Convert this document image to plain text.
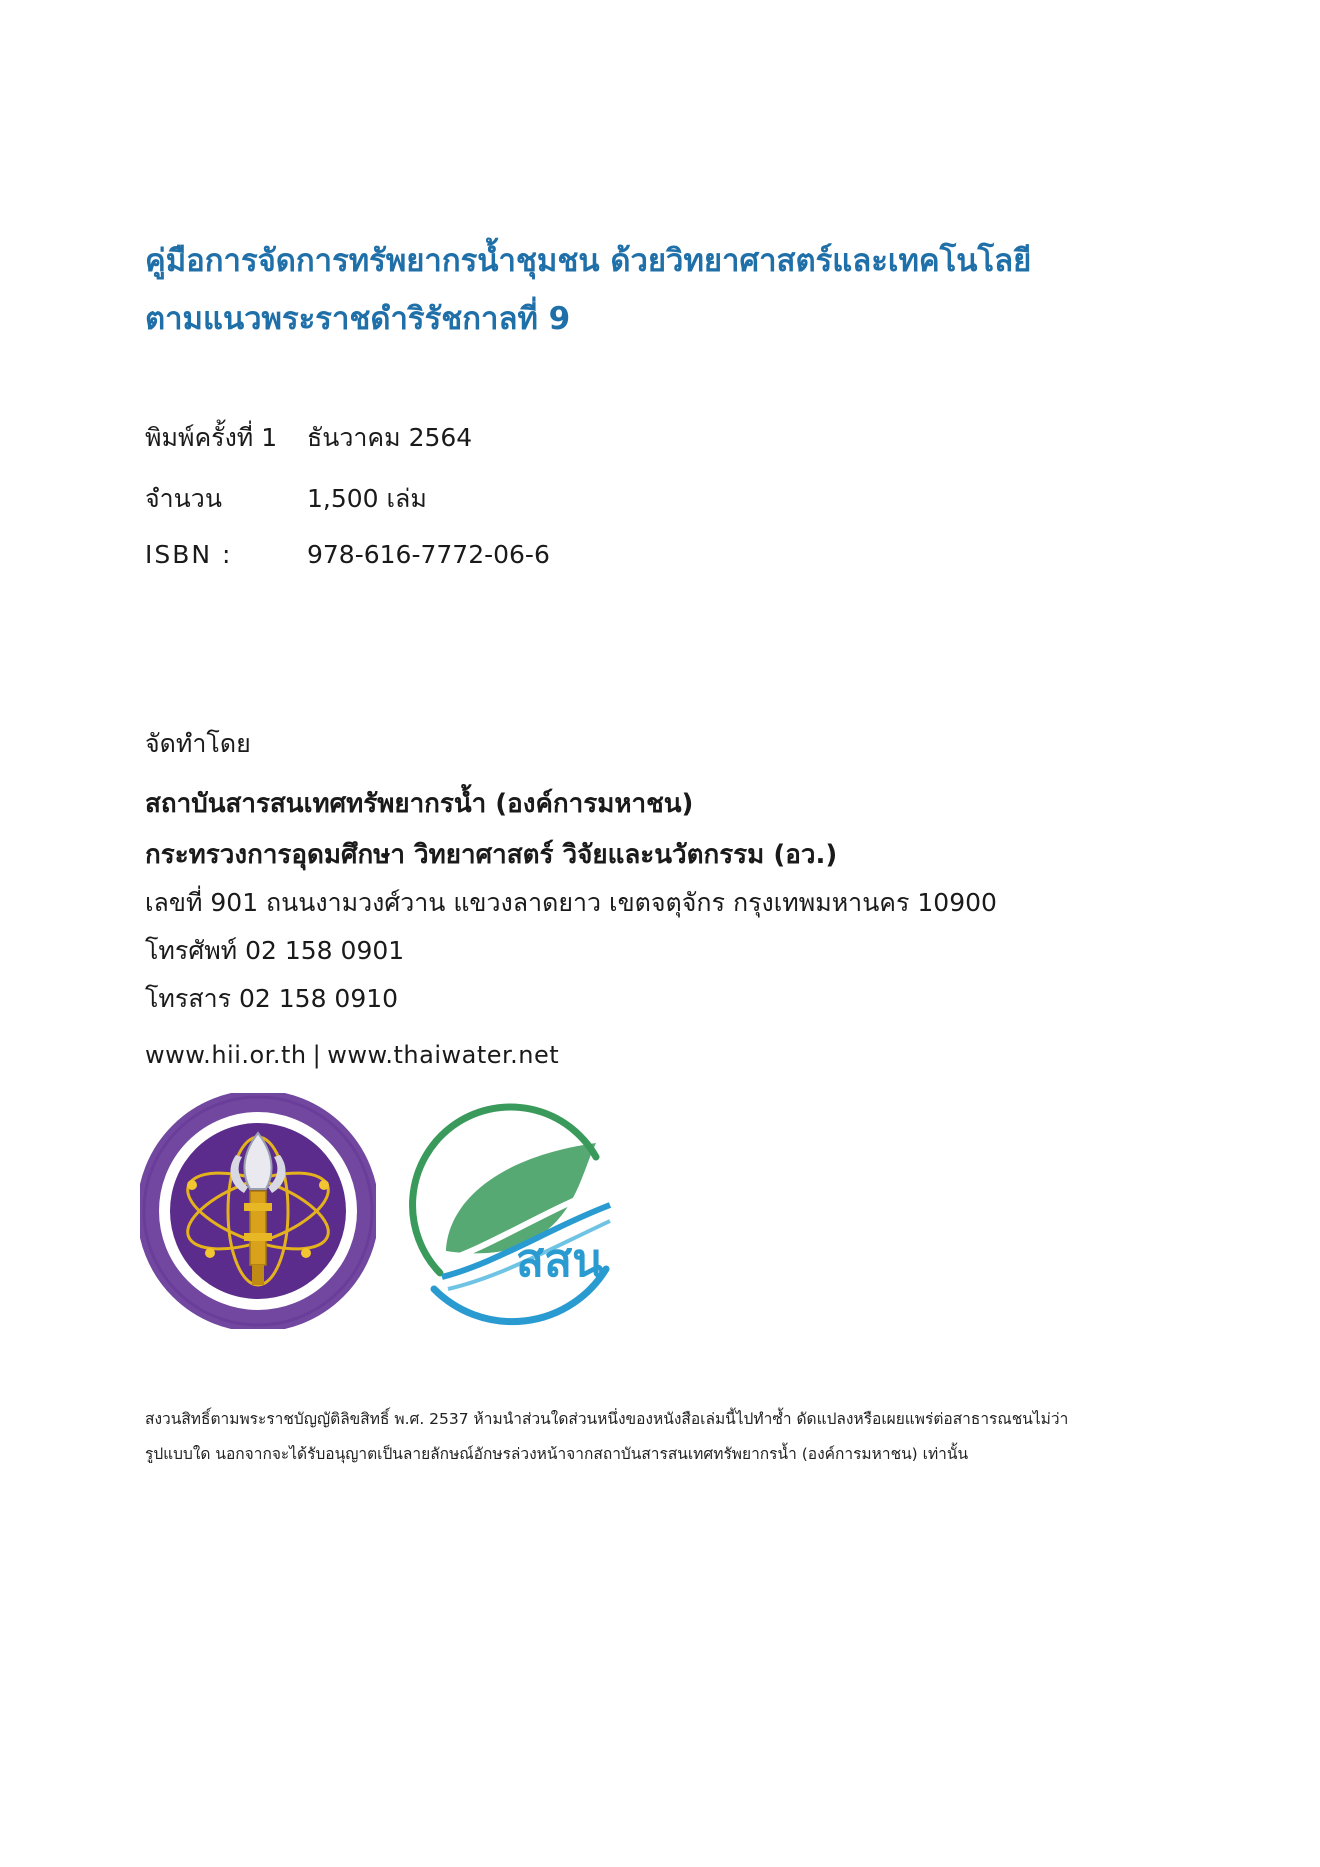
คู่มือการจัดการทรัพยากรน้ำชุมชน ด้วยวิทยาศาสตร์และเทคโนโลยี
ตามแนวพระราชดำริรัชกาลที่ 9
พิมพ์ครั้งที่ 1 ธันวาคม 2564
จำนวน	1,500 เล่ม
ISBN :	978-616-7772-06-6
จัดทำโดย
สถาบันสารสนเทศทรัพยากรน้ำ (องค์การมหาชน)
กระทรวงการอุดมศึกษา วิทยาศาสตร์ วิจัยและนวัตกรรม (อว.)
เลขที่ 901 ถนนงามวงศ์วาน แขวงลาดยาว เขตจตุจักร กรุงเทพมหานคร 10900
โทรศัพท์ 02 158 0901
โทรสาร 02 158 0910
www.hii.or.th | www.thaiwater.net
สสน
สงวนสิทธิ์ตามพระราชบัญญัติลิขสิทธิ์ พ.ศ. 2537 ห้ามนำส่วนใดส่วนหนึ่งของหนังสือเล่มนี้ไปทำซ้ำ ดัดแปลงหรือเผยแพร่ต่อสาธารณชนไม่ว่า
รูปแบบใด นอกจากจะได้รับอนุญาตเป็นลายลักษณ์อักษรล่วงหน้าจากสถาบันสารสนเทศทรัพยากรน้ำ (องค์การมหาชน) เท่านั้น
